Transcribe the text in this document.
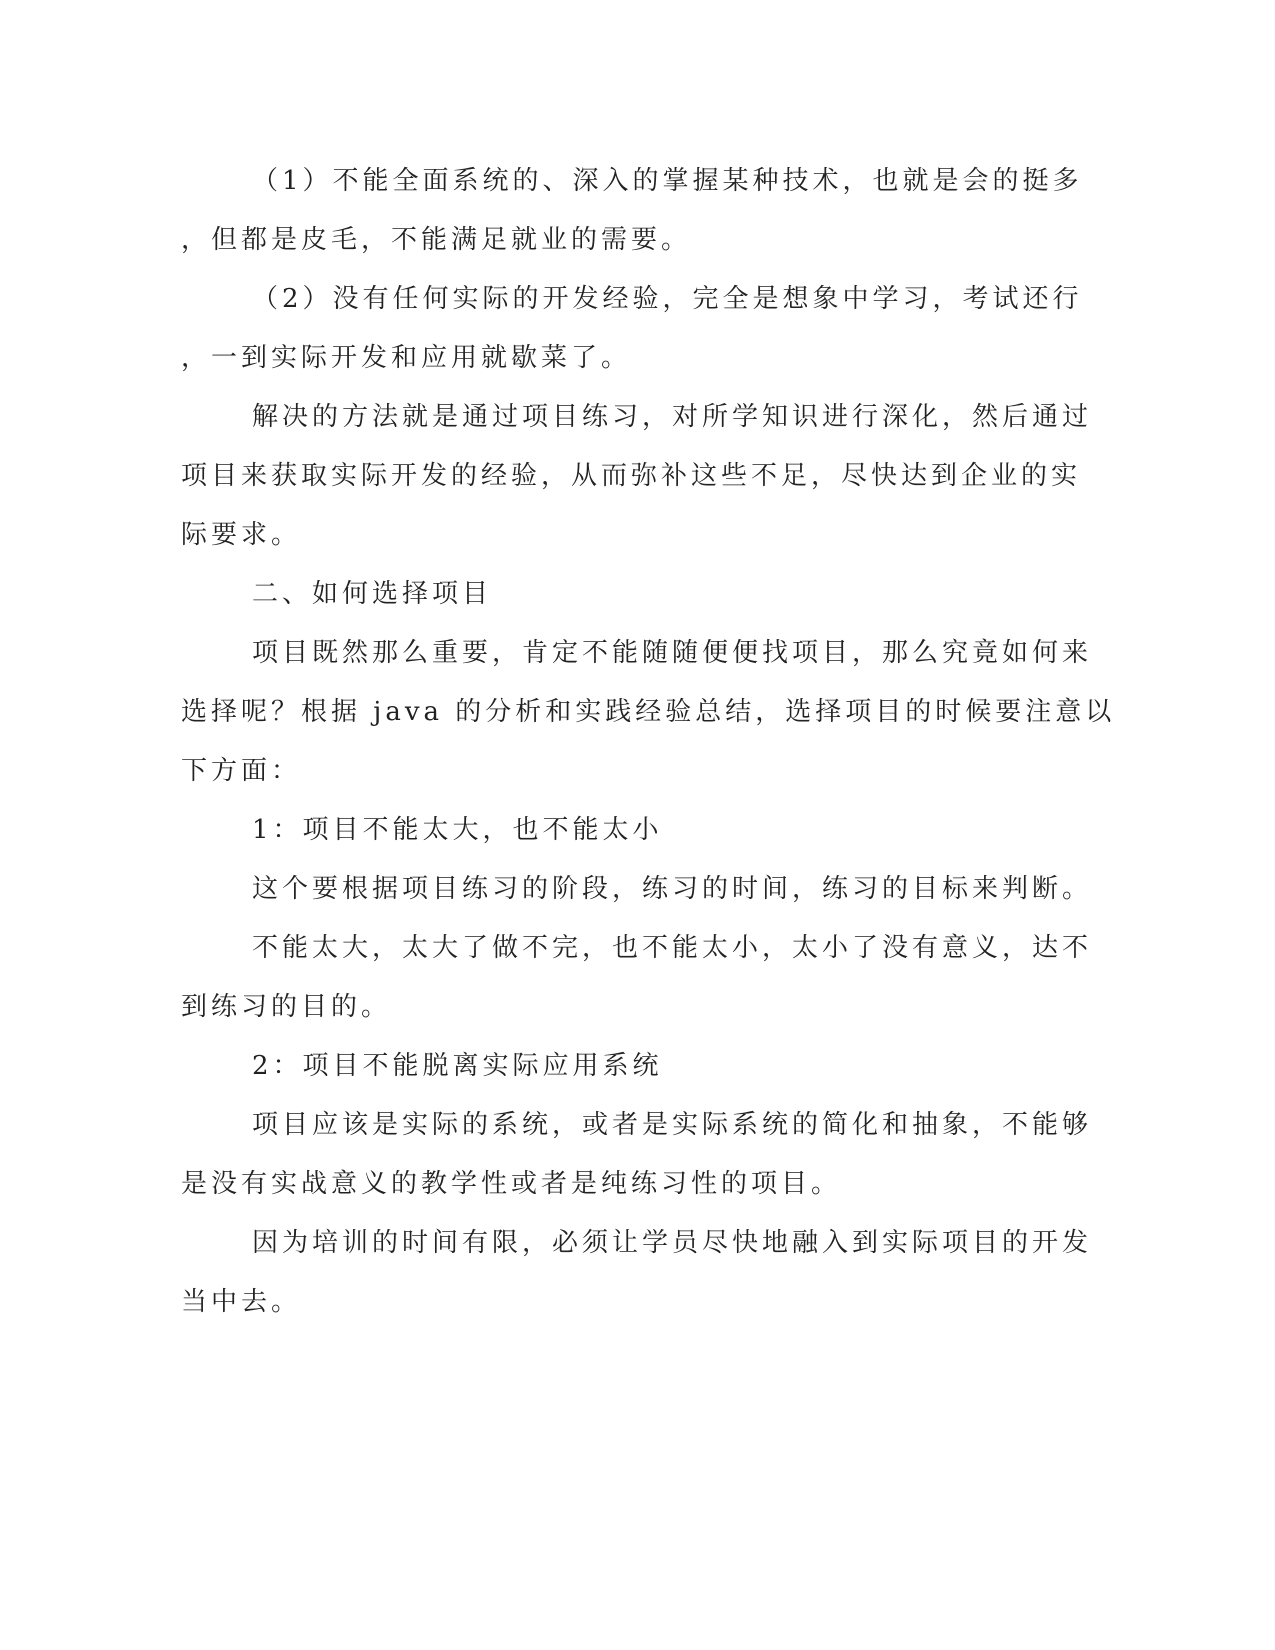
（1）不能全面系统的、深入的掌握某种技术，也就是会的挺多
，但都是皮毛，不能满足就业的需要。
（2）没有任何实际的开发经验，完全是想象中学习，考试还行
，一到实际开发和应用就歇菜了。
解决的方法就是通过项目练习，对所学知识进行深化，然后通过
项目来获取实际开发的经验，从而弥补这些不足，尽快达到企业的实
际要求。
二、如何选择项目
项目既然那么重要，肯定不能随随便便找项目，那么究竟如何来
选择呢？根据 java 的分析和实践经验总结，选择项目的时候要注意以
下方面：
1：项目不能太大，也不能太小
这个要根据项目练习的阶段，练习的时间，练习的目标来判断。
不能太大，太大了做不完，也不能太小，太小了没有意义，达不
到练习的目的。
2：项目不能脱离实际应用系统
项目应该是实际的系统，或者是实际系统的简化和抽象，不能够
是没有实战意义的教学性或者是纯练习性的项目。
因为培训的时间有限，必须让学员尽快地融入到实际项目的开发
当中去。
